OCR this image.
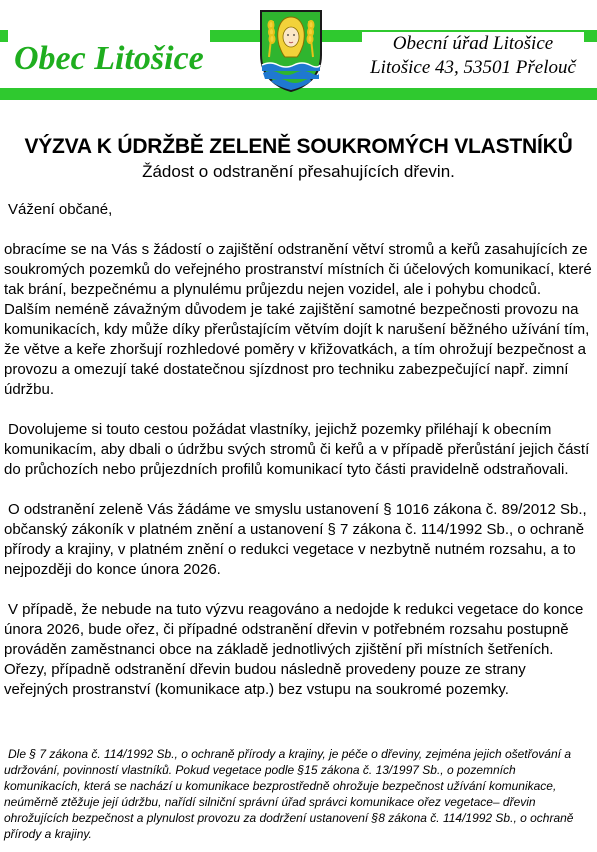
Obec Litošice	Obecní úřad Litošice
Litošice 43, 53501 Přelouč
VÝZVA K ÚDRŽBĚ ZELENĚ SOUKROMÝCH VLASTNÍKŮ
Žádost o odstranění přesahujících dřevin.

Vážení občané,

obracíme se na Vás s žádostí o zajištění odstranění větví stromů a keřů zasahujících ze soukromých pozemků do veřejného prostranství místních či účelových komunikací, které tak brání, bezpečnému a plynulému průjezdu nejen vozidel, ale i pohybu chodců.

Dalším neméně závažným důvodem je také zajištění samotné bezpečnosti provozu na komunikacích, kdy může díky přerůstajícím větvím dojít k narušení běžného užívání tím, že větve a keře zhoršují rozhledové poměry v křižovatkách, a tím ohrožují bezpečnost a provozu a omezují také dostatečnou sjízdnost pro techniku zabezpečující např. zimní údržbu.

Dovolujeme si touto cestou požádat vlastníky, jejichž pozemky přiléhají k obecním komunikacím, aby dbali o údržbu svých stromů či keřů a v případě přerůstání jejich částí do průchozích nebo průjezdních profilů komunikací tyto části pravidelně odstraňovali.

O odstranění zeleně Vás žádáme ve smyslu ustanovení § 1016 zákona č. 89/2012 Sb., občanský zákoník v platném znění a ustanovení § 7 zákona č. 114/1992 Sb., o ochraně přírody a krajiny, v platném znění o redukci vegetace v nezbytně nutném rozsahu, a to nejpozději do konce února 2026.

V případě, že nebude na tuto výzvu reagováno a nedojde k redukci vegetace do konce února 2026, bude ořez, či případné odstranění dřevin v potřebném rozsahu postupně prováděn zaměstnanci obce na základě jednotlivých zjištění při místních šetřeních.

Ořezy, případně odstranění dřevin budou následně provedeny pouze ze strany veřejných prostranství (komunikace atp.) bez vstupu na soukromé pozemky.

Dle § 7 zákona č. 114/1992 Sb., o ochraně přírody a krajiny, je péče o dřeviny, zejména jejich ošetřování a udržování, povinností vlastníků. Pokud vegetace podle §15 zákona č. 13/1997 Sb., o pozemních komunikacích, která se nachází u komunikace bezprostředně ohrožuje bezpečnost užívání komunikace, neúměrně ztěžuje její údržbu, nařídí silniční správní úřad správci komunikace ořez vegetace– dřevin ohrožujících bezpečnost a plynulost provozu za dodržení ustanovení §8 zákona č. 114/1992 Sb., o ochraně přírody a krajiny.
